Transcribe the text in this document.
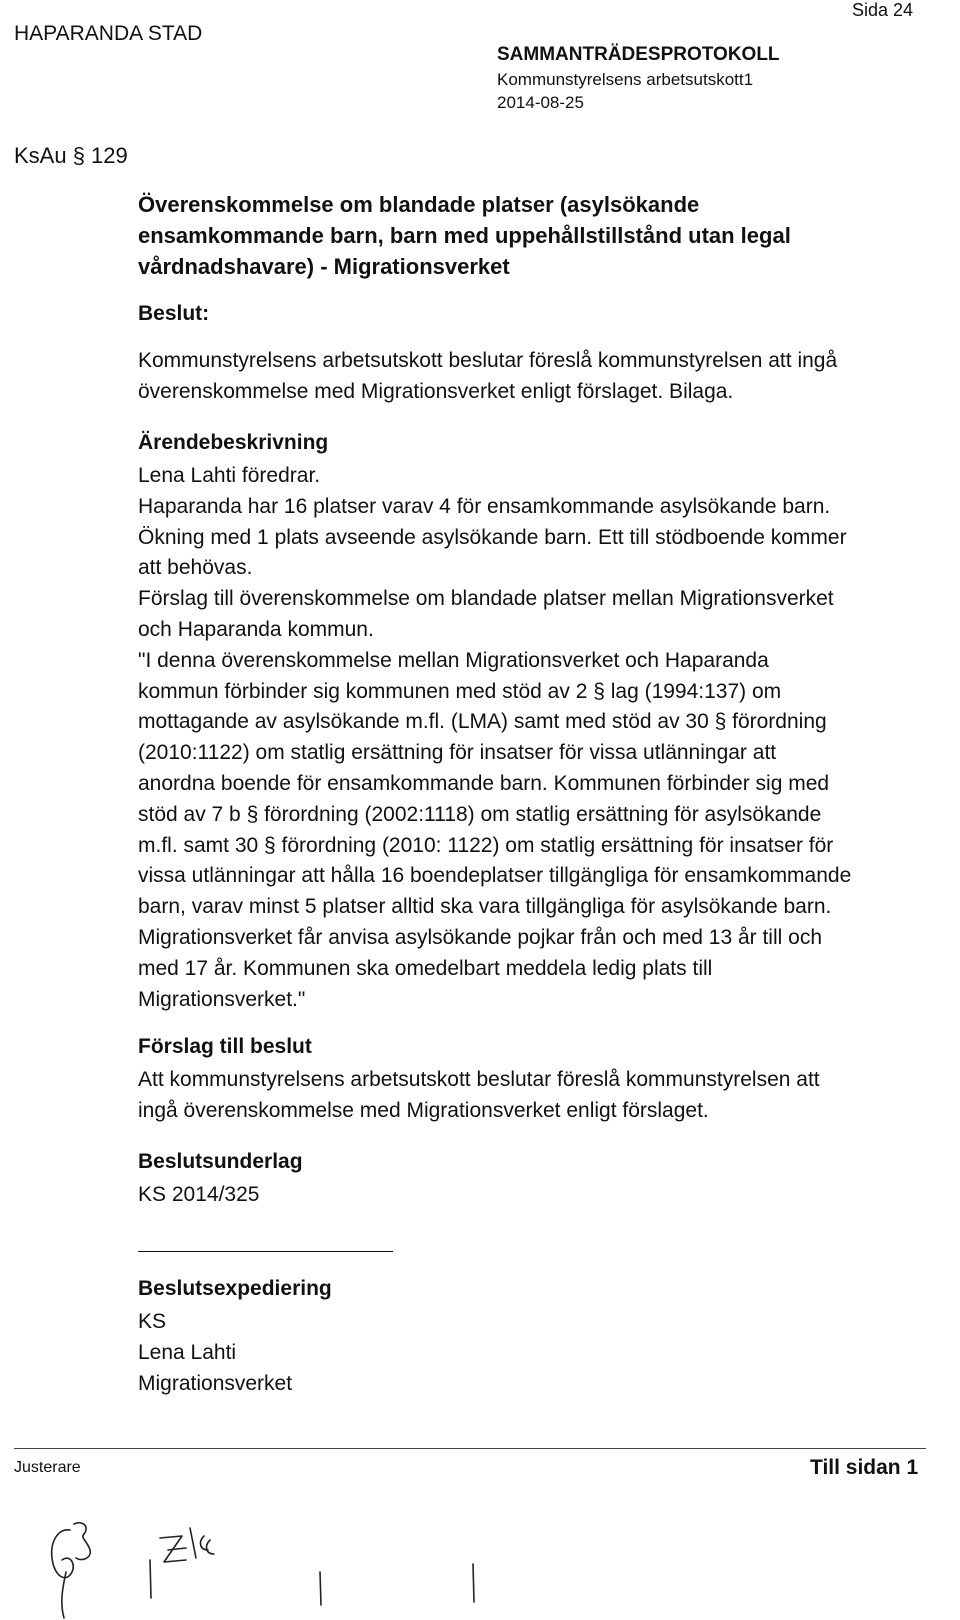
HAPARANDA STAD
SAMMANTRÄDESPROTOKOLL
Kommunstyrelsens arbetsutskott1
2014-08-25
Sida 24
KsAu § 129
Överenskommelse om blandade platser (asylsökande
ensamkommande barn, barn med uppehållstillstånd utan legal
vårdnadshavare) - Migrationsverket
Beslut:
Kommunstyrelsens arbetsutskott beslutar föreslå kommunstyrelsen att ingå
överenskommelse med Migrationsverket enligt förslaget. Bilaga.
Ärendebeskrivning
Lena Lahti föredrar.
Haparanda har 16 platser varav 4 för ensamkommande asylsökande barn.
Ökning med 1 plats avseende asylsökande barn. Ett till stödboende kommer
att behövas.
Förslag till överenskommelse om blandade platser mellan Migrationsverket
och Haparanda kommun.
"I denna överenskommelse mellan Migrationsverket och Haparanda
kommun förbinder sig kommunen med stöd av 2 § lag (1994:137) om
mottagande av asylsökande m.fl. (LMA) samt med stöd av 30 § förordning
(2010:1122) om statlig ersättning för insatser för vissa utlänningar att
anordna boende för ensamkommande barn. Kommunen förbinder sig med
stöd av 7 b § förordning (2002:1118) om statlig ersättning för asylsökande
m.fl. samt 30 § förordning (2010: 1122) om statlig ersättning för insatser för
vissa utlänningar att hålla 16 boendeplatser tillgängliga för ensamkommande
barn, varav minst 5 platser alltid ska vara tillgängliga för asylsökande barn.
Migrationsverket får anvisa asylsökande pojkar från och med 13 år till och
med 17 år. Kommunen ska omedelbart meddela ledig plats till
Migrationsverket."
Förslag till beslut
Att kommunstyrelsens arbetsutskott beslutar föreslå kommunstyrelsen att
ingå överenskommelse med Migrationsverket enligt förslaget.
Beslutsunderlag
KS 2014/325
Beslutsexpediering
KS
Lena Lahti
Migrationsverket
Justerare	Till sidan 1
